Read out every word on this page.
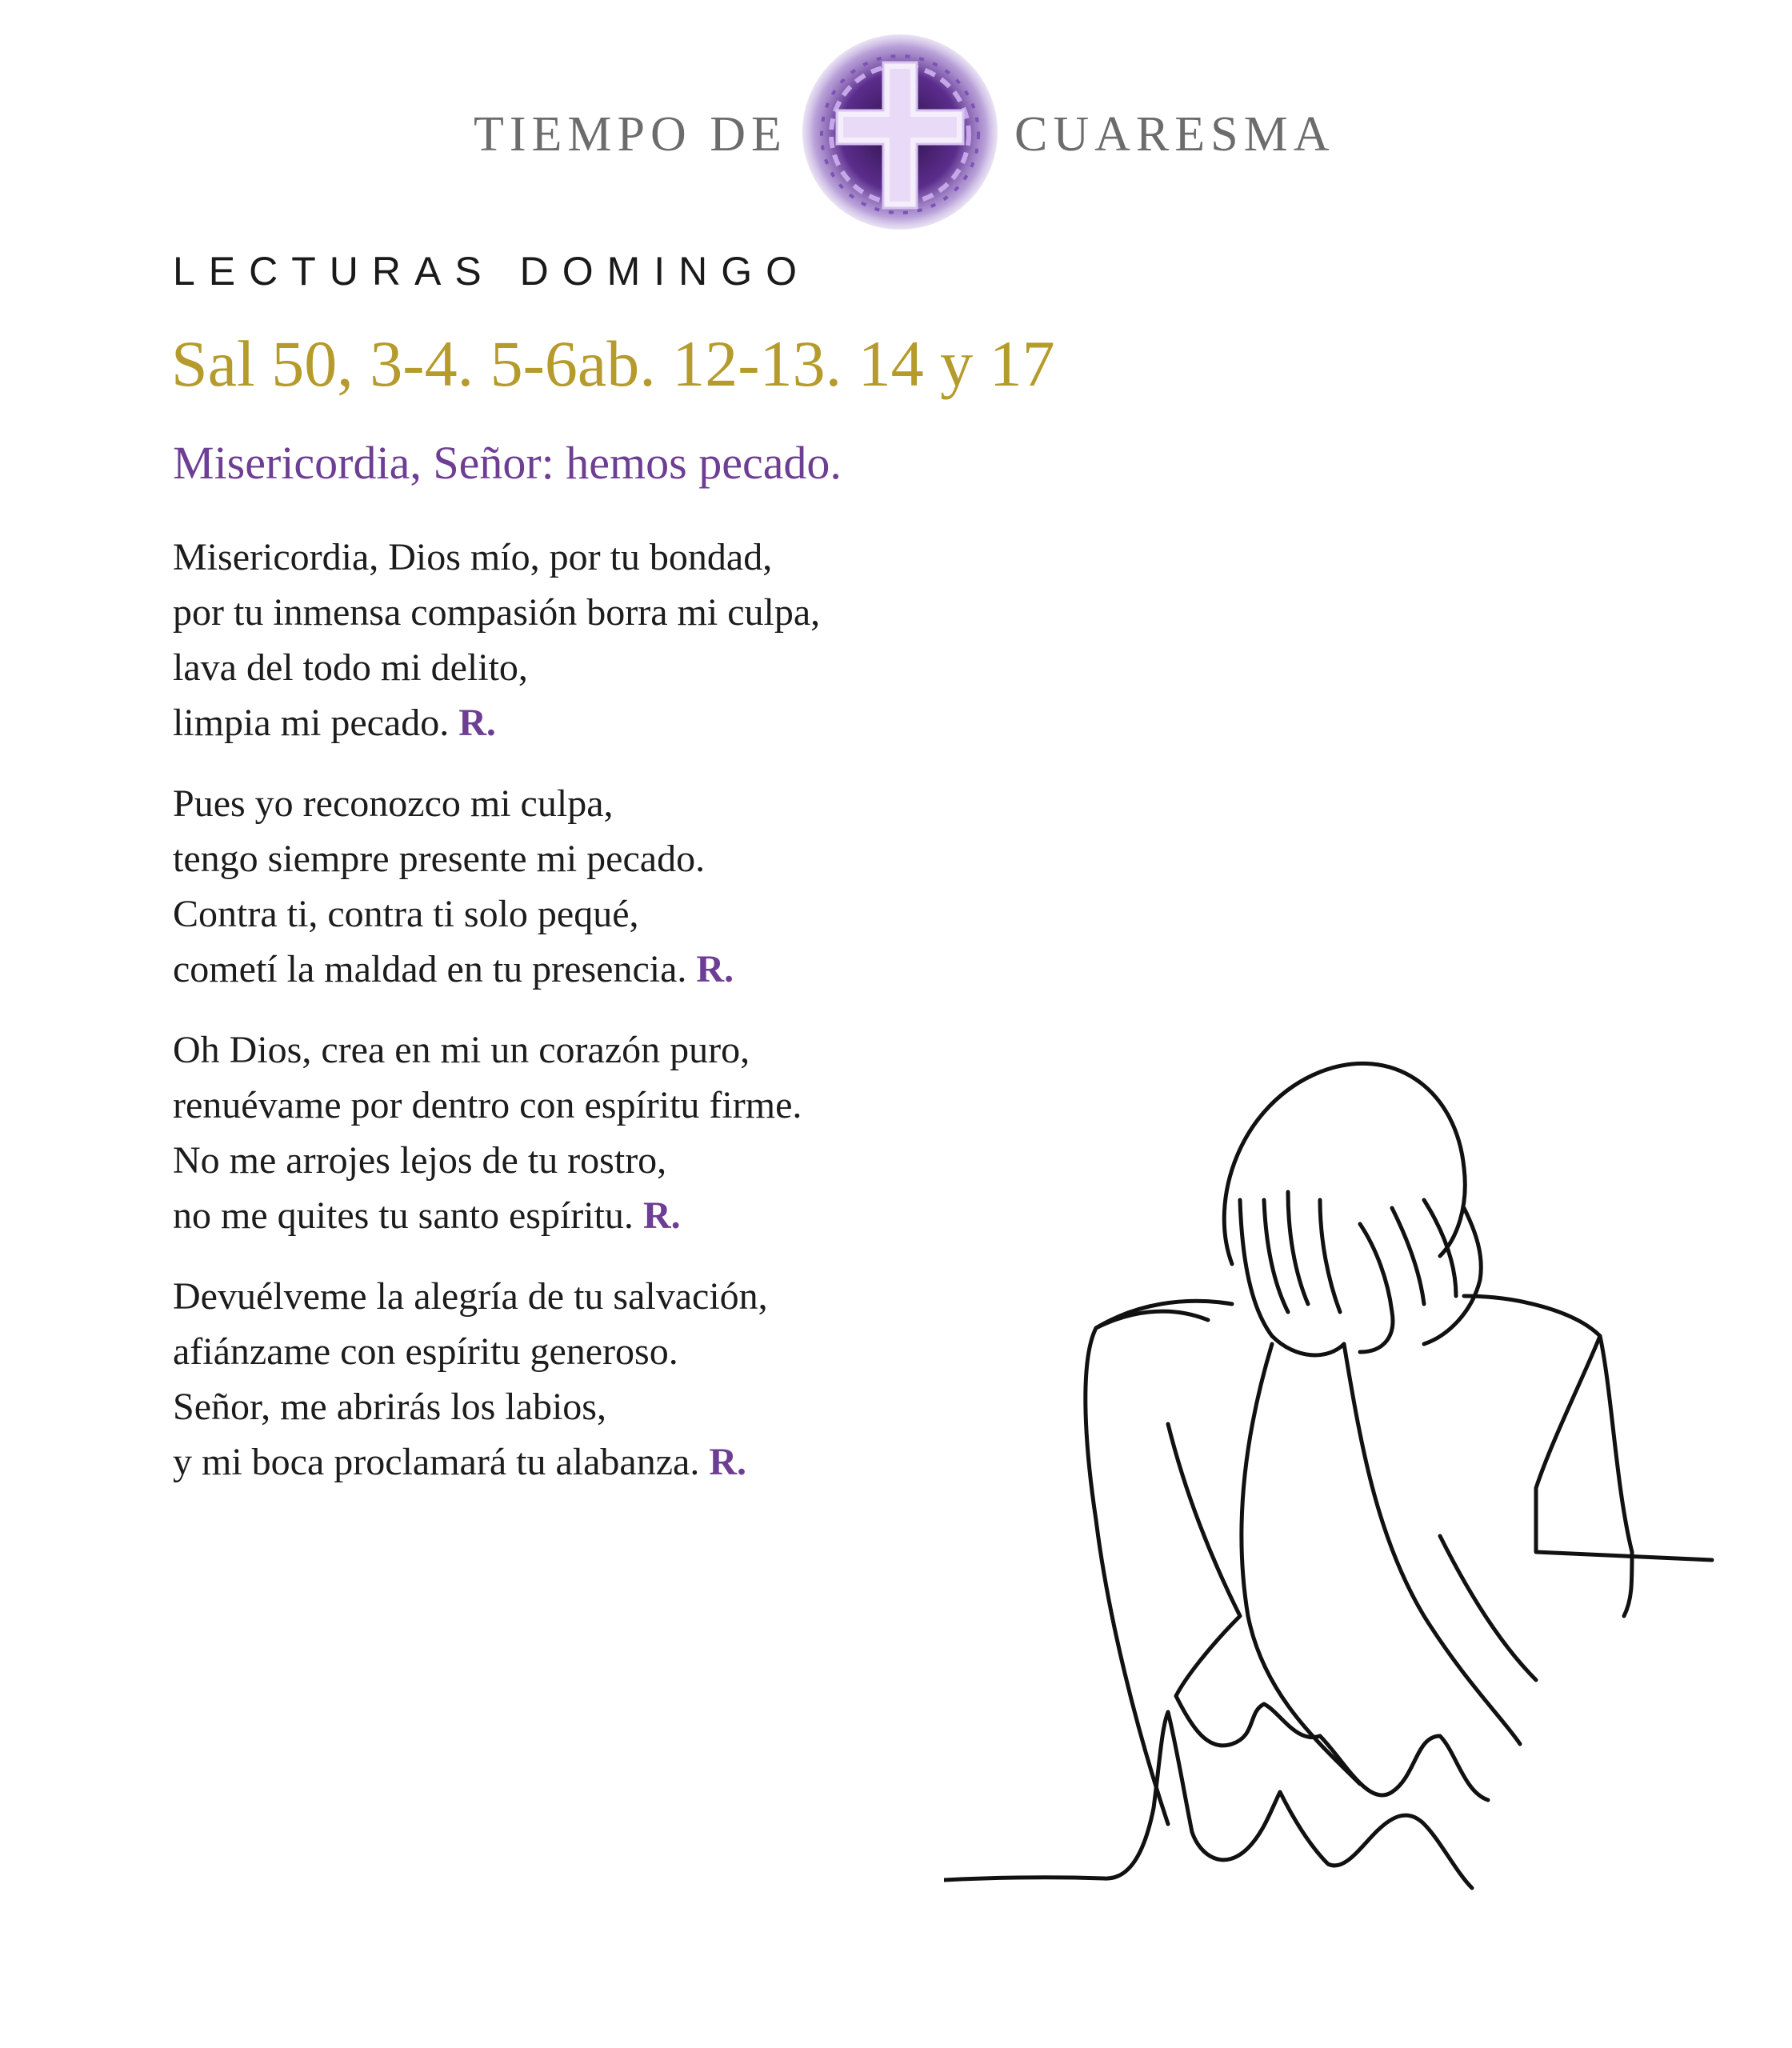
TIEMPO DE	CUARESMA
LECTURAS DOMINGO
Sal 50, 3-4. 5-6ab. 12-13. 14 y 17
Misericordia, Señor: hemos pecado.
Misericordia, Dios mío, por tu bondad,
por tu inmensa compasión borra mi culpa,
lava del todo mi delito,
limpia mi pecado. R.
Pues yo reconozco mi culpa,
tengo siempre presente mi pecado.
Contra ti, contra ti solo pequé,
cometí la maldad en tu presencia. R.
Oh Dios, crea en mi un corazón puro,
renuévame por dentro con espíritu firme.
No me arrojes lejos de tu rostro,
no me quites tu santo espíritu. R.
Devuélveme la alegría de tu salvación,
afiánzame con espíritu generoso.
Señor, me abrirás los labios,
y mi boca proclamará tu alabanza. R.
